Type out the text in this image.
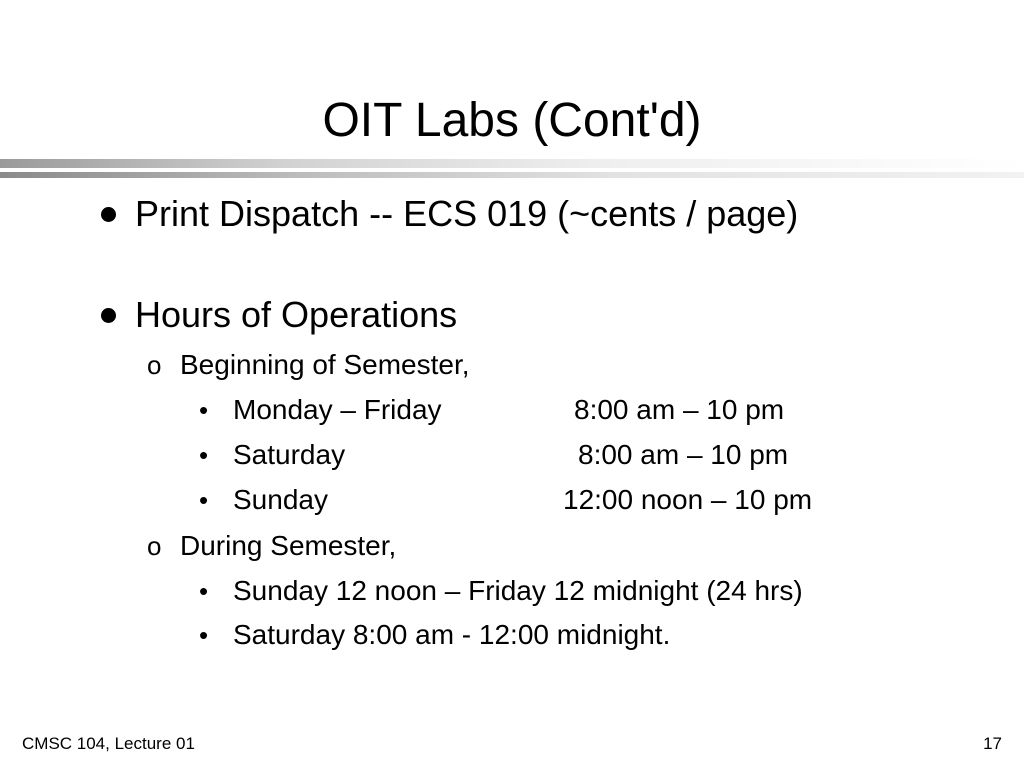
OIT Labs (Cont'd)
Print Dispatch -- ECS 019 (~cents / page)
Hours of Operations
o Beginning of Semester,
• Monday – Friday	8:00 am – 10 pm
• Saturday	8:00 am – 10 pm
• Sunday	12:00 noon – 10 pm
o During Semester,
• Sunday 12 noon – Friday 12 midnight (24 hrs)
• Saturday 8:00 am - 12:00 midnight.
CMSC 104, Lecture 01	17
